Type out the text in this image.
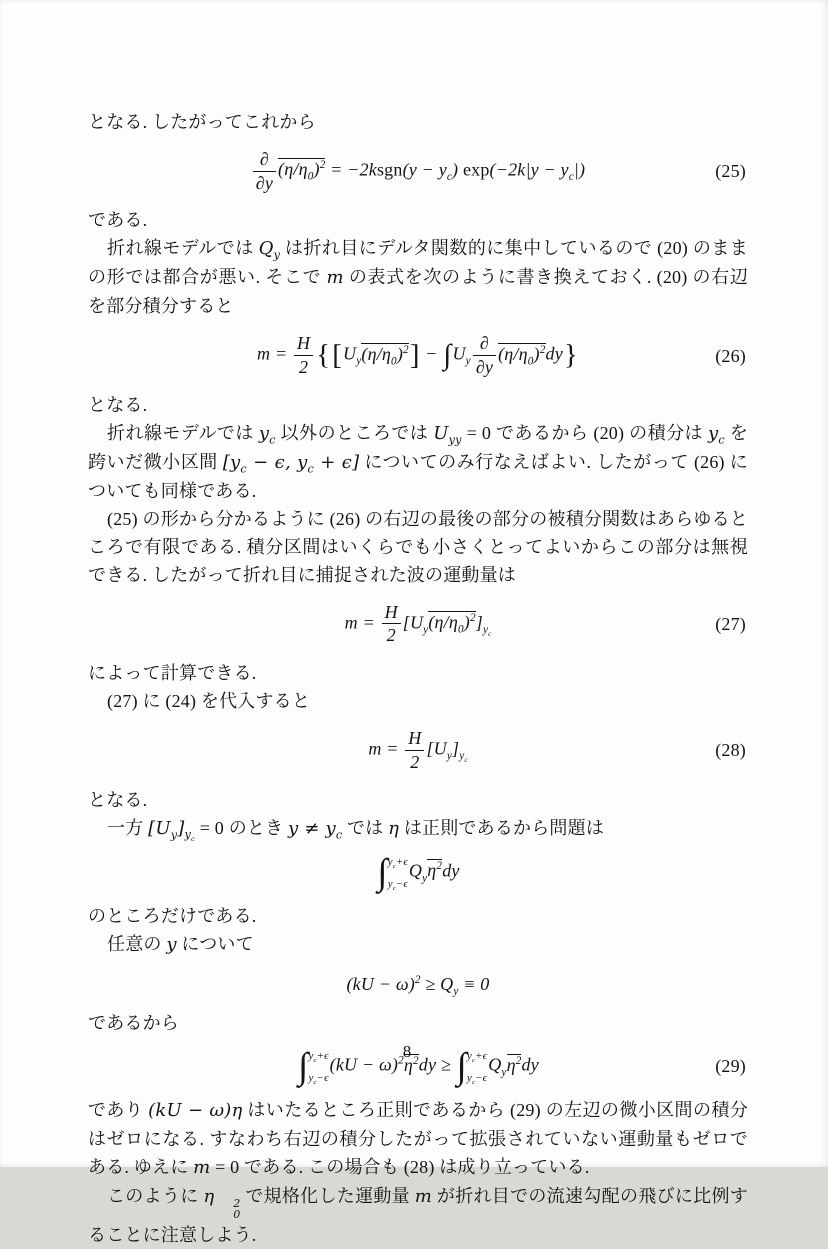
となる. したがってこれから

$\frac{\partial}{\partial y} (\eta/\eta_0)^2$ = −2ksgn(y − $y_c$) $\exp(-2k|y - y_c|)$	(25)

である.

折れ線モデルでは $Q_y$ は折れ目にデルタ関数的に集中しているので (20) のままの形では都合が悪い. そこで m の表式を次のように書き換えておく. (20) の右辺を部分積分すると

$m = \frac{H}{2} \{[U_y(\eta/\eta_0)^2] - \int U_y \frac{\partial}{\partial y} (\eta/\eta_0)^2dy\}$	(26)

となる.

折れ線モデルでは $y_c$ 以外のところでは $U_{yy} = 0$ であるから (20) の積分は $y_c$ を跨いだ微小区間 [$y_c - \epsilon$, $y_c + \epsilon$] についてのみ行なえばよい. したがって (26) についても同様である.

(25) の形から分かるように (26) の右辺の最後の部分の被積分関数はあらゆるところで有限である. 積分区間はいくらでも小さくとってよいからこの部分は無視できる. したがって折れ目に捕捉された波の運動量は

$m = \frac{H}{2} [U_y(\eta/\eta_0)^2]_{y_c}$
(27)

によって計算できる.

(27) に (24) を代入すると

$m = \frac{H}{2} [U_y]_{y_c}$
(28)

となる.

一方 $[U_y]_{y_c} = 0$ のとき $y \ne y_c$ では η は正則であるから問題は

∫ $y_c+\epsilon$
$y_c-\epsilon$
$Q_y\eta^2dy$

のところだけである.

任意の y について

$(kU - \omega)^2 \ge Q_y \equiv 0$

であるから

∫ $y_c+\epsilon$
$y_c-\epsilon$
$(kU - \omega)^2\eta^2dy$ ≥ ∫ $y_c+\epsilon$
$y_c-\epsilon$
$Q_y\eta^2dy$	(29)

であり (kU − ω)η はいたるところ正則であるから (29) の左辺の微小区間の積分はゼロになる. すなわち右辺の積分したがって拡張されていない運動量もゼロである. ゆえに m = 0 である. この場合も (28) は成り立っている.

このように η	2
0
で規格化した運動量 m が折れ目での流速勾配の飛びに比例することに注意しよう.

8
